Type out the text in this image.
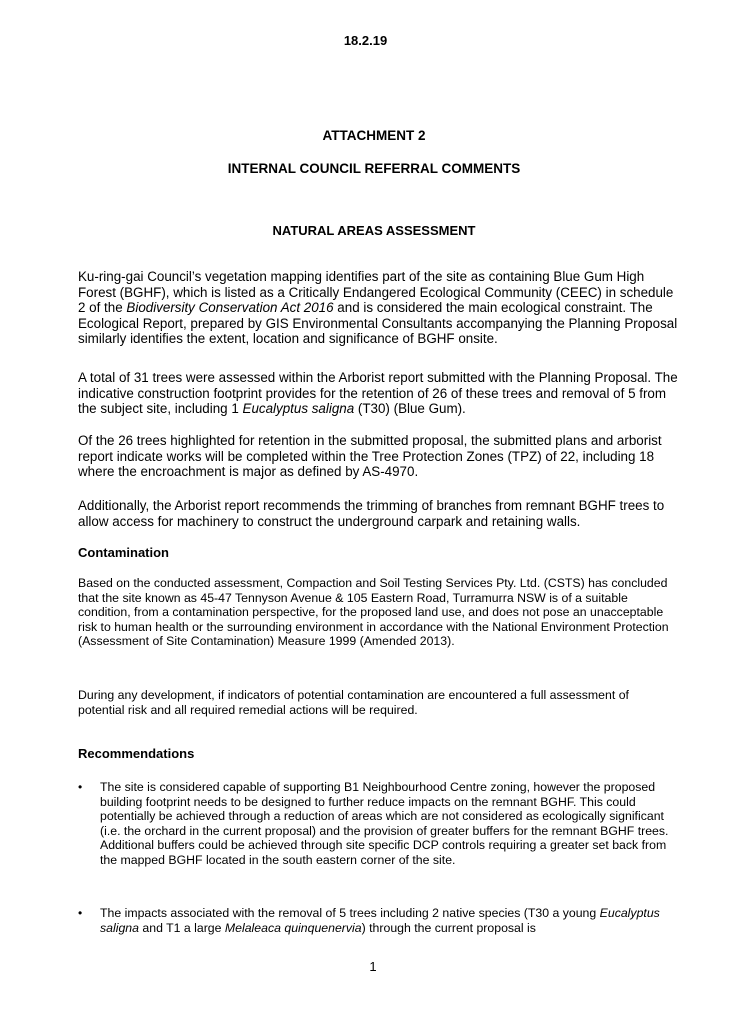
18.2.19
ATTACHMENT 2
INTERNAL COUNCIL REFERRAL COMMENTS
NATURAL AREAS ASSESSMENT

Ku-ring-gai Council’s vegetation mapping identifies part of the site as containing Blue Gum High Forest (BGHF), which is listed as a Critically Endangered Ecological Community (CEEC) in schedule 2 of the Biodiversity Conservation Act 2016 and is considered the main ecological constraint. The Ecological Report, prepared by GIS Environmental Consultants accompanying the Planning Proposal similarly identifies the extent, location and significance of BGHF onsite.

A total of 31 trees were assessed within the Arborist report submitted with the Planning Proposal. The indicative construction footprint provides for the retention of 26 of these trees and removal of 5 from the subject site, including 1 Eucalyptus saligna (T30) (Blue Gum).

Of the 26 trees highlighted for retention in the submitted proposal, the submitted plans and arborist report indicate works will be completed within the Tree Protection Zones (TPZ) of 22, including 18 where the encroachment is major as defined by AS-4970.

Additionally, the Arborist report recommends the trimming of branches from remnant BGHF trees to allow access for machinery to construct the underground carpark and retaining walls.

Contamination

Based on the conducted assessment, Compaction and Soil Testing Services Pty. Ltd. (CSTS) has concluded that the site known as 45-47 Tennyson Avenue & 105 Eastern Road, Turramurra NSW is of a suitable condition, from a contamination perspective, for the proposed land use, and does not pose an unacceptable risk to human health or the surrounding environment in accordance with the National Environment Protection (Assessment of Site Contamination) Measure 1999 (Amended 2013).

During any development, if indicators of potential contamination are encountered a full assessment of potential risk and all required remedial actions will be required.

Recommendations
• The site is considered capable of supporting B1 Neighbourhood Centre zoning, however the proposed building footprint needs to be designed to further reduce impacts on the remnant BGHF. This could potentially be achieved through a reduction of areas which are not considered as ecologically significant (i.e. the orchard in the current proposal) and the provision of greater buffers for the remnant BGHF trees. Additional buffers could be achieved through site specific DCP controls requiring a greater set back from the mapped BGHF located in the south eastern corner of the site.

• The impacts associated with the removal of 5 trees including 2 native species (T30 a young Eucalyptus saligna and T1 a large Melaleaca quinquenervia) through the current proposal is

1
